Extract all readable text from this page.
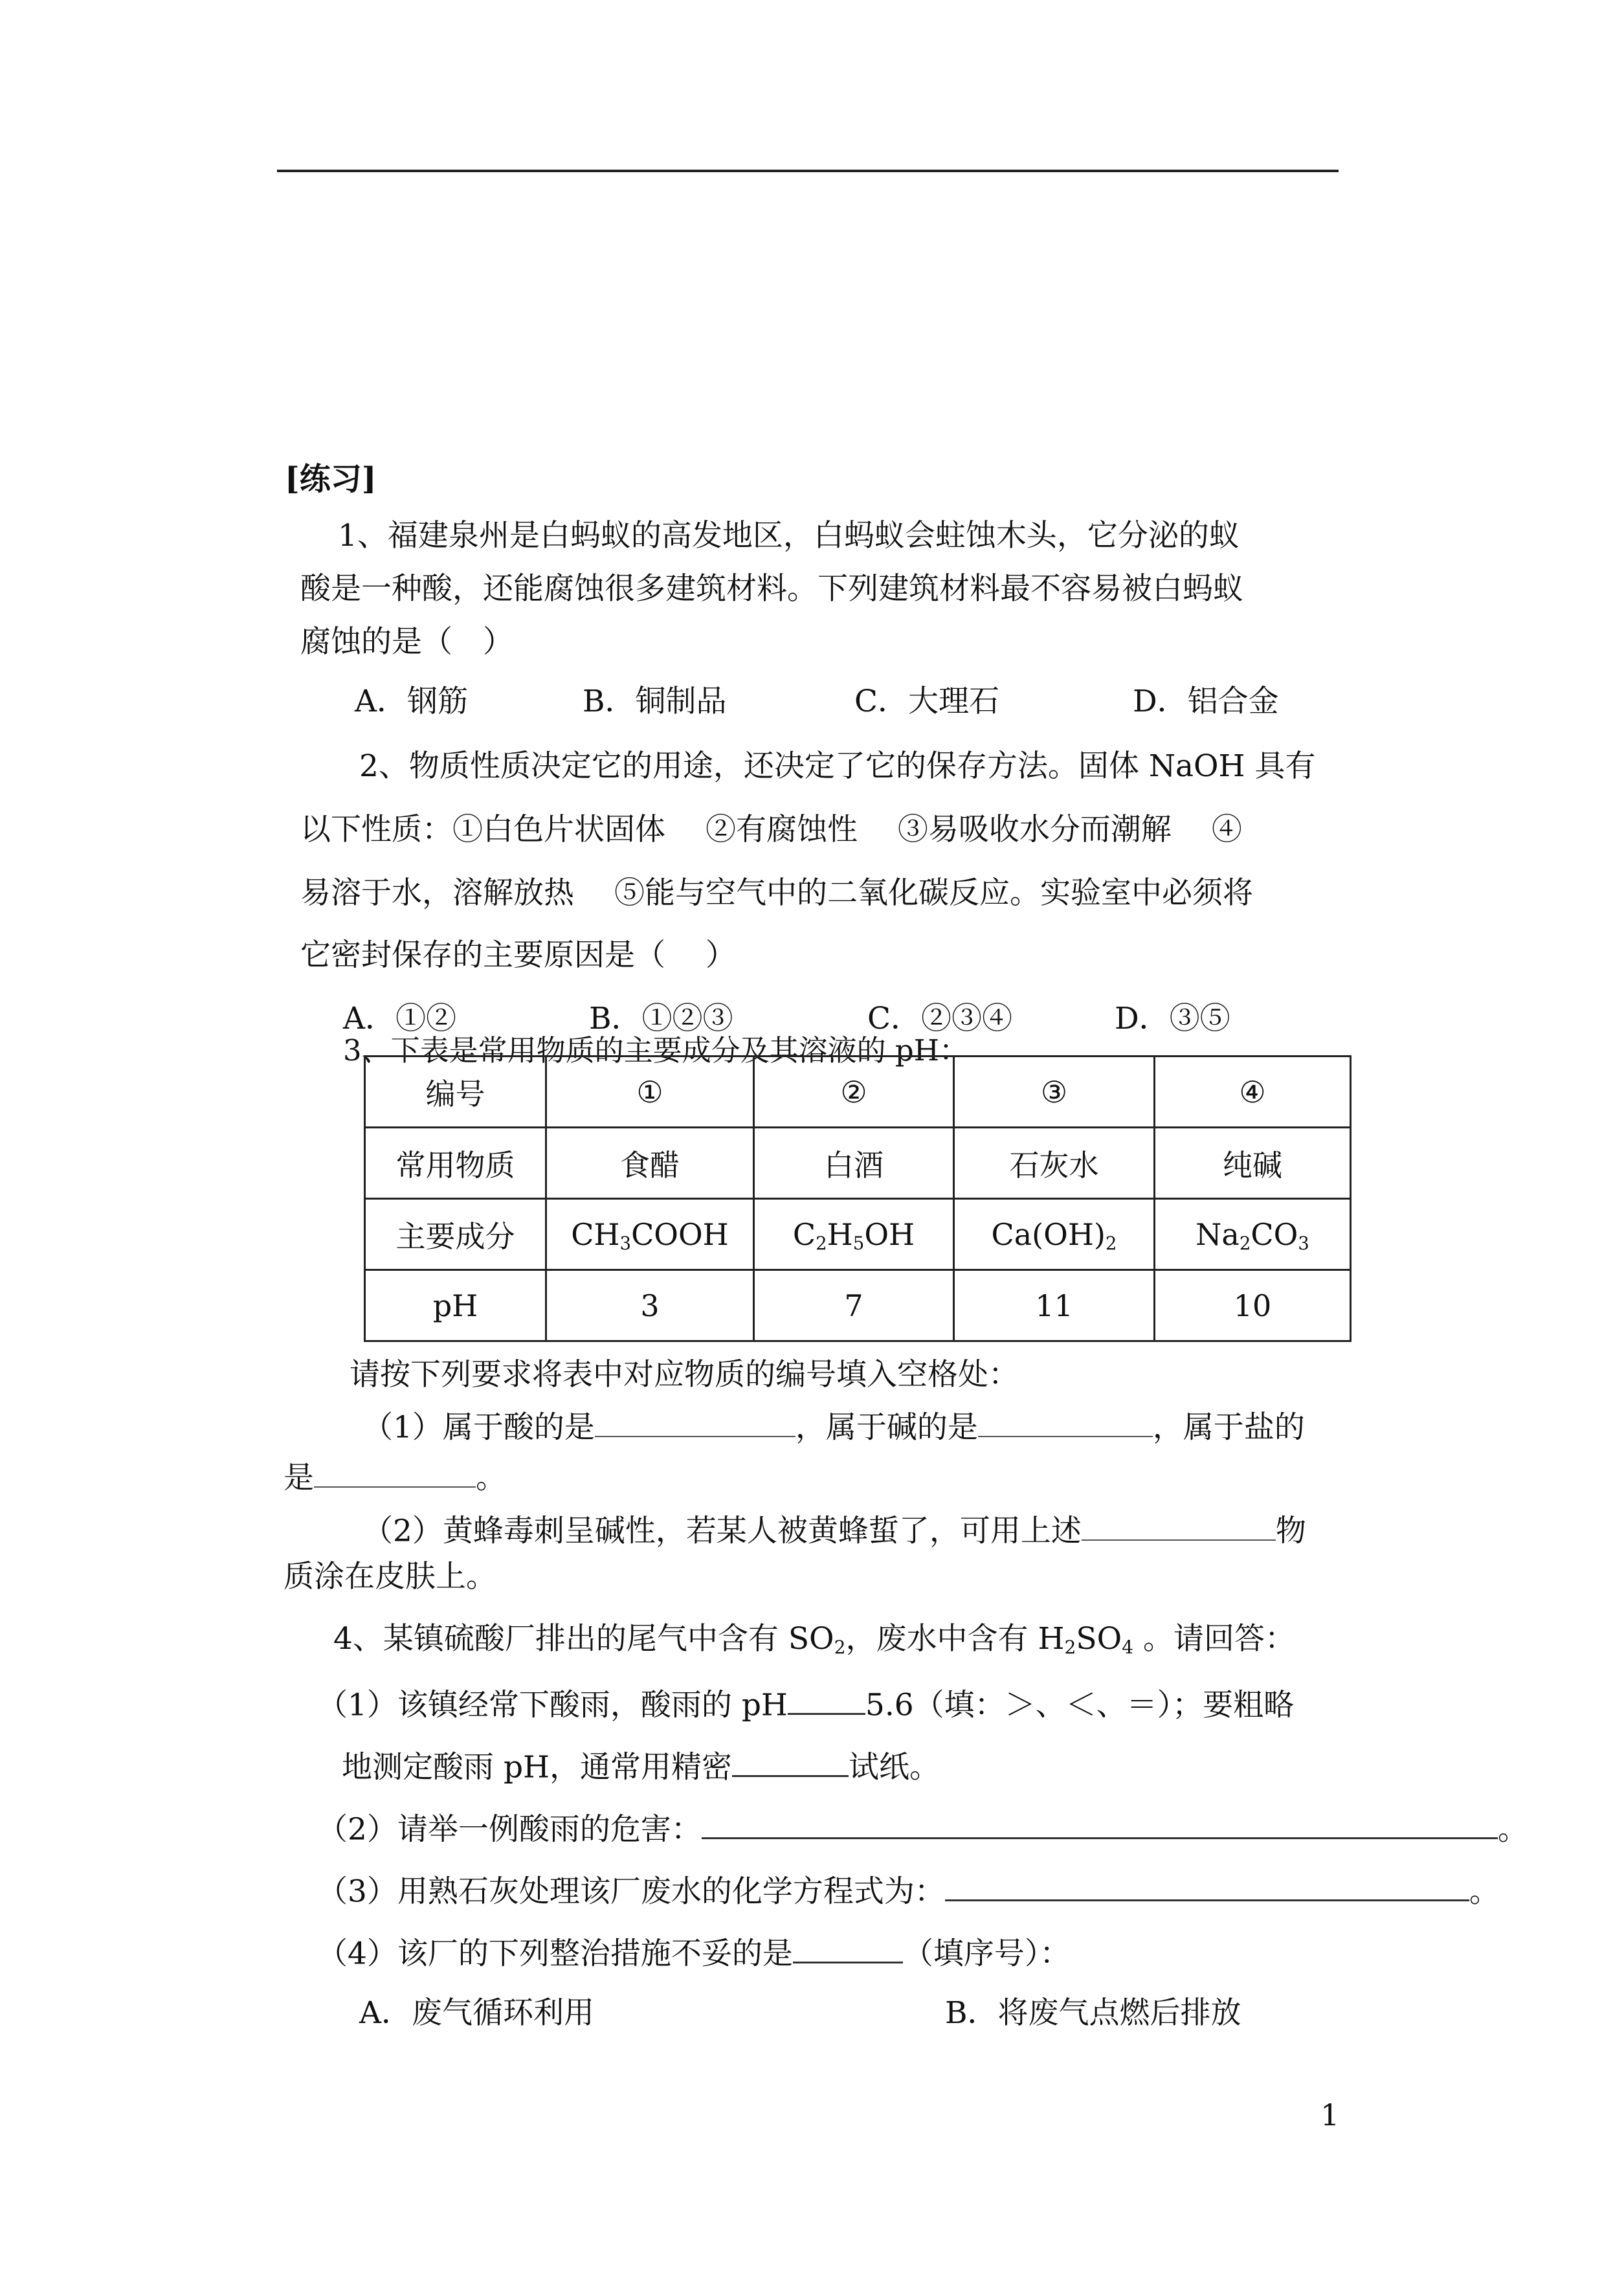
[练习]
1、福建泉州是白蚂蚁的高发地区，白蚂蚁会蛀蚀木头，它分泌的蚁
酸是一种酸，还能腐蚀很多建筑材料。下列建筑材料最不容易被白蚂蚁
腐蚀的是（　）
A．钢筋	B．铜制品	C．大理石	D．铝合金
2、物质性质决定它的用途，还决定了它的保存方法。固体 NaOH 具有
以下性质：①白色片状固体　 ②有腐蚀性　 ③易吸收水分而潮解　 ④
易溶于水，溶解放热　 ⑤能与空气中的二氧化碳反应。实验室中必须将
它密封保存的主要原因是（　 ）
A．①②	B．①②③	C．②③④	D．③⑤
3、下表是常用物质的主要成分及其溶液的 pH：
编号	①	②	③	④
常用物质	食醋	白酒	石灰水	纯碱
主要成分	$CH_3COOH$	$C_2H_5OH$	$Ca(OH)_2$	$Na_2CO_3$
pH	3	7	11	10
请按下列要求将表中对应物质的编号填入空格处：
（1）属于酸的是	，属于碱的是	，属于盐的
是	。
（2）黄蜂毒刺呈碱性，若某人被黄蜂蜇了，可用上述	物
质涂在皮肤上。
4、某镇硫酸厂排出的尾气中含有 $SO_2$，废水中含有 $H_2SO_4$ 。请回答：
（1）该镇经常下酸雨，酸雨的 pH	5.6（填：＞、＜、＝）；要粗略
地测定酸雨 pH，通常用精密	试纸。
（2）请举一例酸雨的危害：	。
（3）用熟石灰处理该厂废水的化学方程式为：	。
（4）该厂的下列整治措施不妥的是	（填序号）：
A．废气循环利用	B．将废气点燃后排放
1
